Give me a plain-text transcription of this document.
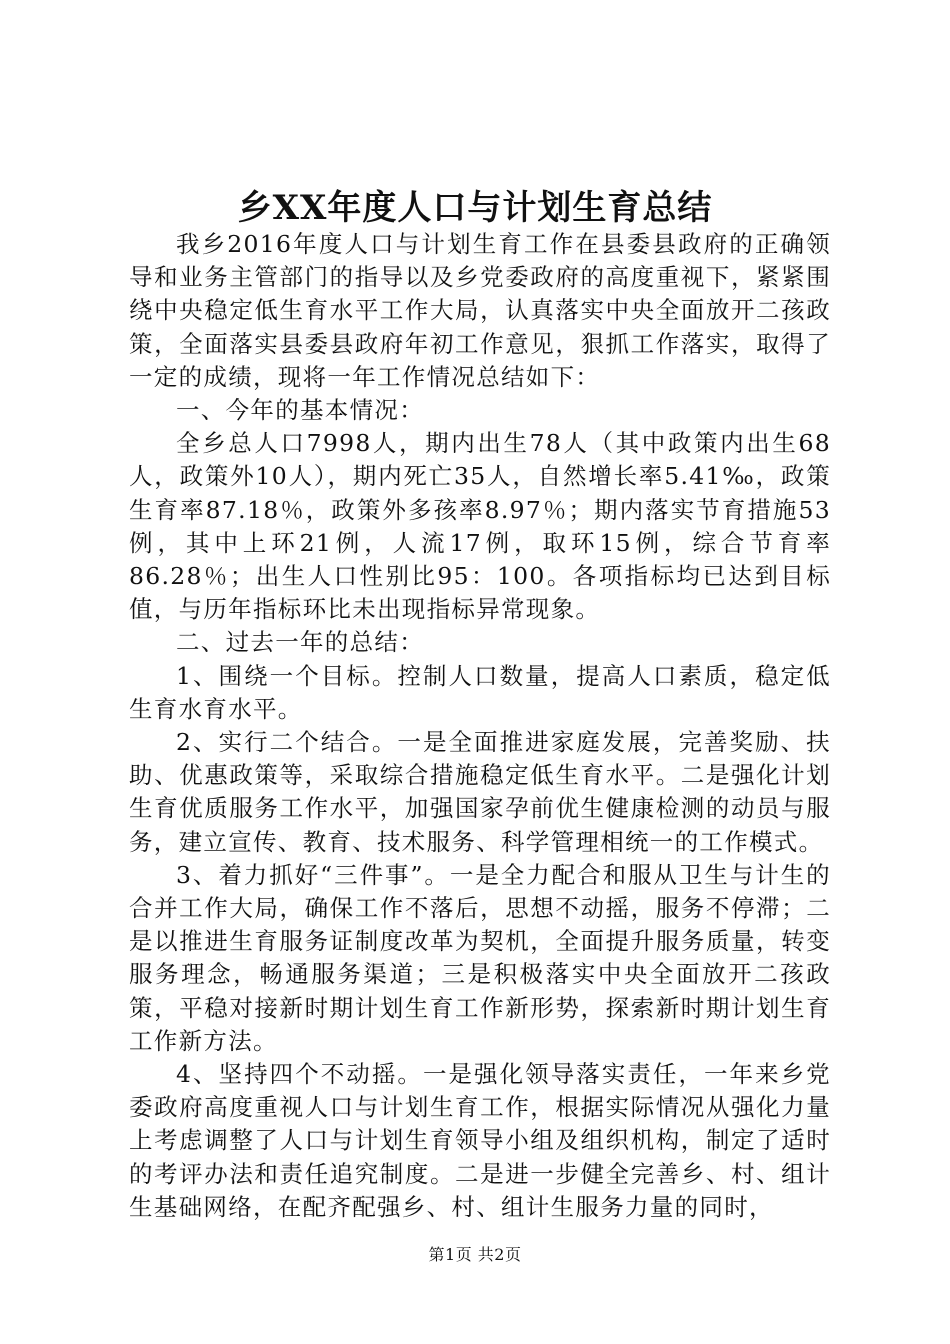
乡XX年度人口与计划生育总结

我乡2016年度人口与计划生育工作在县委县政府的正确领导和业务主管部门的指导以及乡党委政府的高度重视下，紧紧围绕中央稳定低生育水平工作大局，认真落实中央全面放开二孩政策，全面落实县委县政府年初工作意见，狠抓工作落实，取得了一定的成绩，现将一年工作情况总结如下：

一、今年的基本情况：

全乡总人口7998人，期内出生78人（其中政策内出生68人，政策外10人），期内死亡35人，自然增长率5.41‰，政策生育率87.18％，政策外多孩率8.97％；期内落实节育措施53例，其中上环21例，人流17例，取环15例，综合节育率86.28％；出生人口性别比95：100。各项指标均已达到目标值，与历年指标环比未出现指标异常现象。

二、过去一年的总结：

1、围绕一个目标。控制人口数量，提高人口素质，稳定低生育水育水平。

2、实行二个结合。一是全面推进家庭发展，完善奖励、扶助、优惠政策等，采取综合措施稳定低生育水平。二是强化计划生育优质服务工作水平，加强国家孕前优生健康检测的动员与服务，建立宣传、教育、技术服务、科学管理相统一的工作模式。

3、着力抓好“三件事”。一是全力配合和服从卫生与计生的合并工作大局，确保工作不落后，思想不动摇，服务不停滞；二是以推进生育服务证制度改革为契机，全面提升服务质量，转变服务理念，畅通服务渠道；三是积极落实中央全面放开二孩政策，平稳对接新时期计划生育工作新形势，探索新时期计划生育工作新方法。

4、坚持四个不动摇。一是强化领导落实责任，一年来乡党委政府高度重视人口与计划生育工作，根据实际情况从强化力量上考虑调整了人口与计划生育领导小组及组织机构，制定了适时的考评办法和责任追究制度。二是进一步健全完善乡、村、组计生基础网络，在配齐配强乡、村、组计生服务力量的同时，

第1页 共2页
